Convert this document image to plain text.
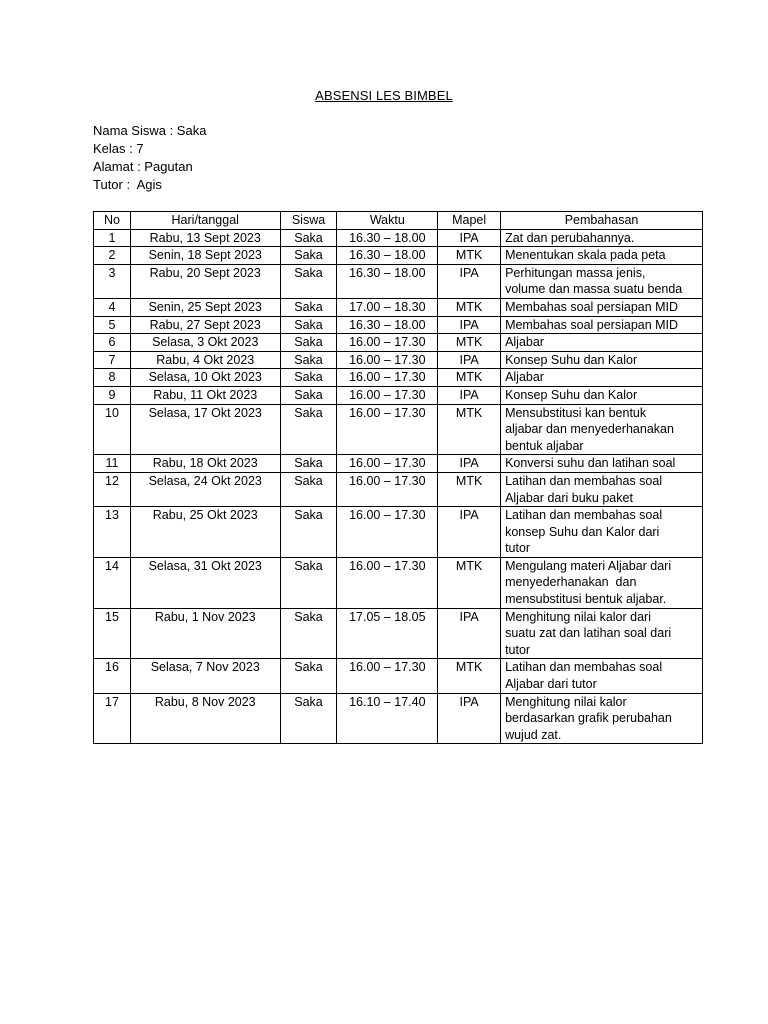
ABSENSI LES BIMBEL
Nama Siswa : Saka
Kelas : 7
Alamat : Pagutan
Tutor :  Agis
No	Hari/tanggal	Siswa	Waktu	Mapel	Pembahasan
1	Rabu, 13 Sept 2023	Saka	16.30 – 18.00	IPA	Zat dan perubahannya.

2	Senin, 18 Sept 2023	Saka	16.30 – 18.00	MTK	Menentukan skala pada peta

3	Rabu, 20 Sept 2023	Saka	16.30 – 18.00	IPA	Perhitungan massa jenis,
volume dan massa suatu benda

4	Senin, 25 Sept 2023	Saka	17.00 – 18.30	MTK	Membahas soal persiapan MID

5	Rabu, 27 Sept 2023	Saka	16.30 – 18.00	IPA	Membahas soal persiapan MID

6	Selasa, 3 Okt 2023	Saka	16.00 – 17.30	MTK	Aljabar

7	Rabu, 4 Okt 2023	Saka	16.00 – 17.30	IPA	Konsep Suhu dan Kalor

8	Selasa, 10 Okt 2023	Saka	16.00 – 17.30	MTK	Aljabar

9	Rabu, 11 Okt 2023	Saka	16.00 – 17.30	IPA	Konsep Suhu dan Kalor

10	Selasa, 17 Okt 2023	Saka	16.00 – 17.30	MTK	Mensubstitusi kan bentuk
aljabar dan menyederhanakan
bentuk aljabar

11	Rabu, 18 Okt 2023	Saka	16.00 – 17.30	IPA	Konversi suhu dan latihan soal

12	Selasa, 24 Okt 2023	Saka	16.00 – 17.30	MTK	Latihan dan membahas soal
Aljabar dari buku paket

13	Rabu, 25 Okt 2023	Saka	16.00 – 17.30	IPA	Latihan dan membahas soal
konsep Suhu dan Kalor dari
tutor

14	Selasa, 31 Okt 2023	Saka	16.00 – 17.30	MTK	Mengulang materi Aljabar dari
menyederhanakan  dan
mensubstitusi bentuk aljabar.

15	Rabu, 1 Nov 2023	Saka	17.05 – 18.05	IPA	Menghitung nilai kalor dari
suatu zat dan latihan soal dari
tutor

16	Selasa, 7 Nov 2023	Saka	16.00 – 17.30	MTK	Latihan dan membahas soal
Aljabar dari tutor

17	Rabu, 8 Nov 2023	Saka	16.10 – 17.40	IPA	Menghitung nilai kalor
berdasarkan grafik perubahan
wujud zat.
